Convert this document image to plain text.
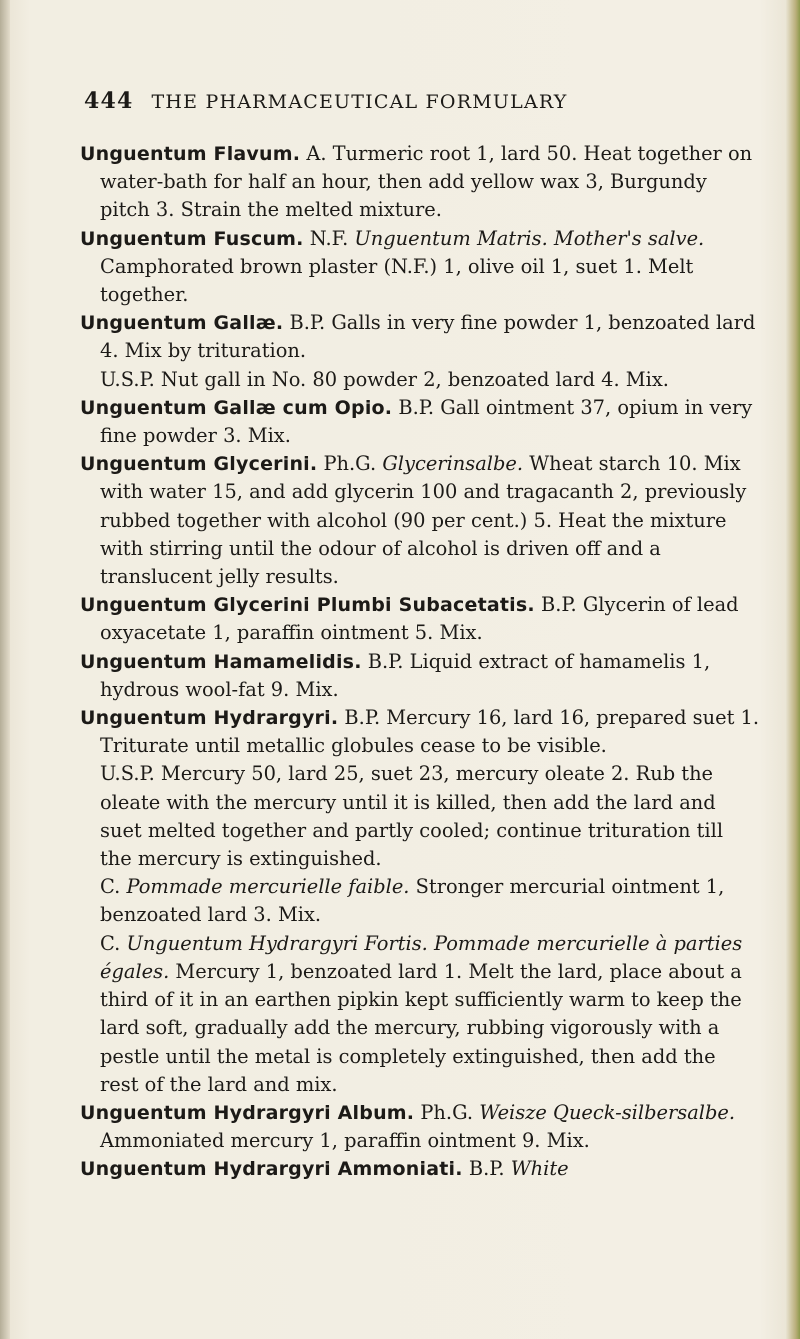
444 THE PHARMACEUTICAL FORMULARY

Unguentum Flavum. A. Turmeric root 1, lard 50. Heat together on water-bath for half an hour, then add yellow wax 3, Burgundy pitch 3. Strain the melted mixture.

Unguentum Fuscum. N.F. Unguentum Matris. Mother's salve. Camphorated brown plaster (N.F.) 1, olive oil 1, suet 1. Melt together.

Unguentum Gallæ. B.P. Galls in very fine powder 1, benzoated lard 4. Mix by trituration.

U.S.P. Nut gall in No. 80 powder 2, benzoated lard 4. Mix.

Unguentum Gallæ cum Opio. B.P. Gall ointment 37, opium in very fine powder 3. Mix.

Unguentum Glycerini. Ph.G. Glycerinsalbe. Wheat starch 10. Mix with water 15, and add glycerin 100 and tragacanth 2, previously rubbed together with alcohol (90 per cent.) 5. Heat the mixture with stirring until the odour of alcohol is driven off and a translucent jelly results.

Unguentum Glycerini Plumbi Subacetatis. B.P. Glycerin of lead oxyacetate 1, paraffin ointment 5. Mix.

Unguentum Hamamelidis. B.P. Liquid extract of hamamelis 1, hydrous wool-fat 9. Mix.

Unguentum Hydrargyri. B.P. Mercury 16, lard 16, prepared suet 1. Triturate until metallic globules cease to be visible.

U.S.P. Mercury 50, lard 25, suet 23, mercury oleate 2. Rub the oleate with the mercury until it is killed, then add the lard and suet melted together and partly cooled; continue trituration till the mercury is extinguished.

C. Pommade mercurielle faible. Stronger mercurial ointment 1, benzoated lard 3. Mix.

C. Unguentum Hydrargyri Fortis. Pommade mercurielle à parties égales. Mercury 1, benzoated lard 1. Melt the lard, place about a third of it in an earthen pipkin kept sufficiently warm to keep the lard soft, gradually add the mercury, rubbing vigorously with a pestle until the metal is completely extinguished, then add the rest of the lard and mix.

Unguentum Hydrargyri Album. Ph.G. Weisze Queck-silbersalbe. Ammoniated mercury 1, paraffin ointment 9. Mix.

Unguentum Hydrargyri Ammoniati. B.P. White
